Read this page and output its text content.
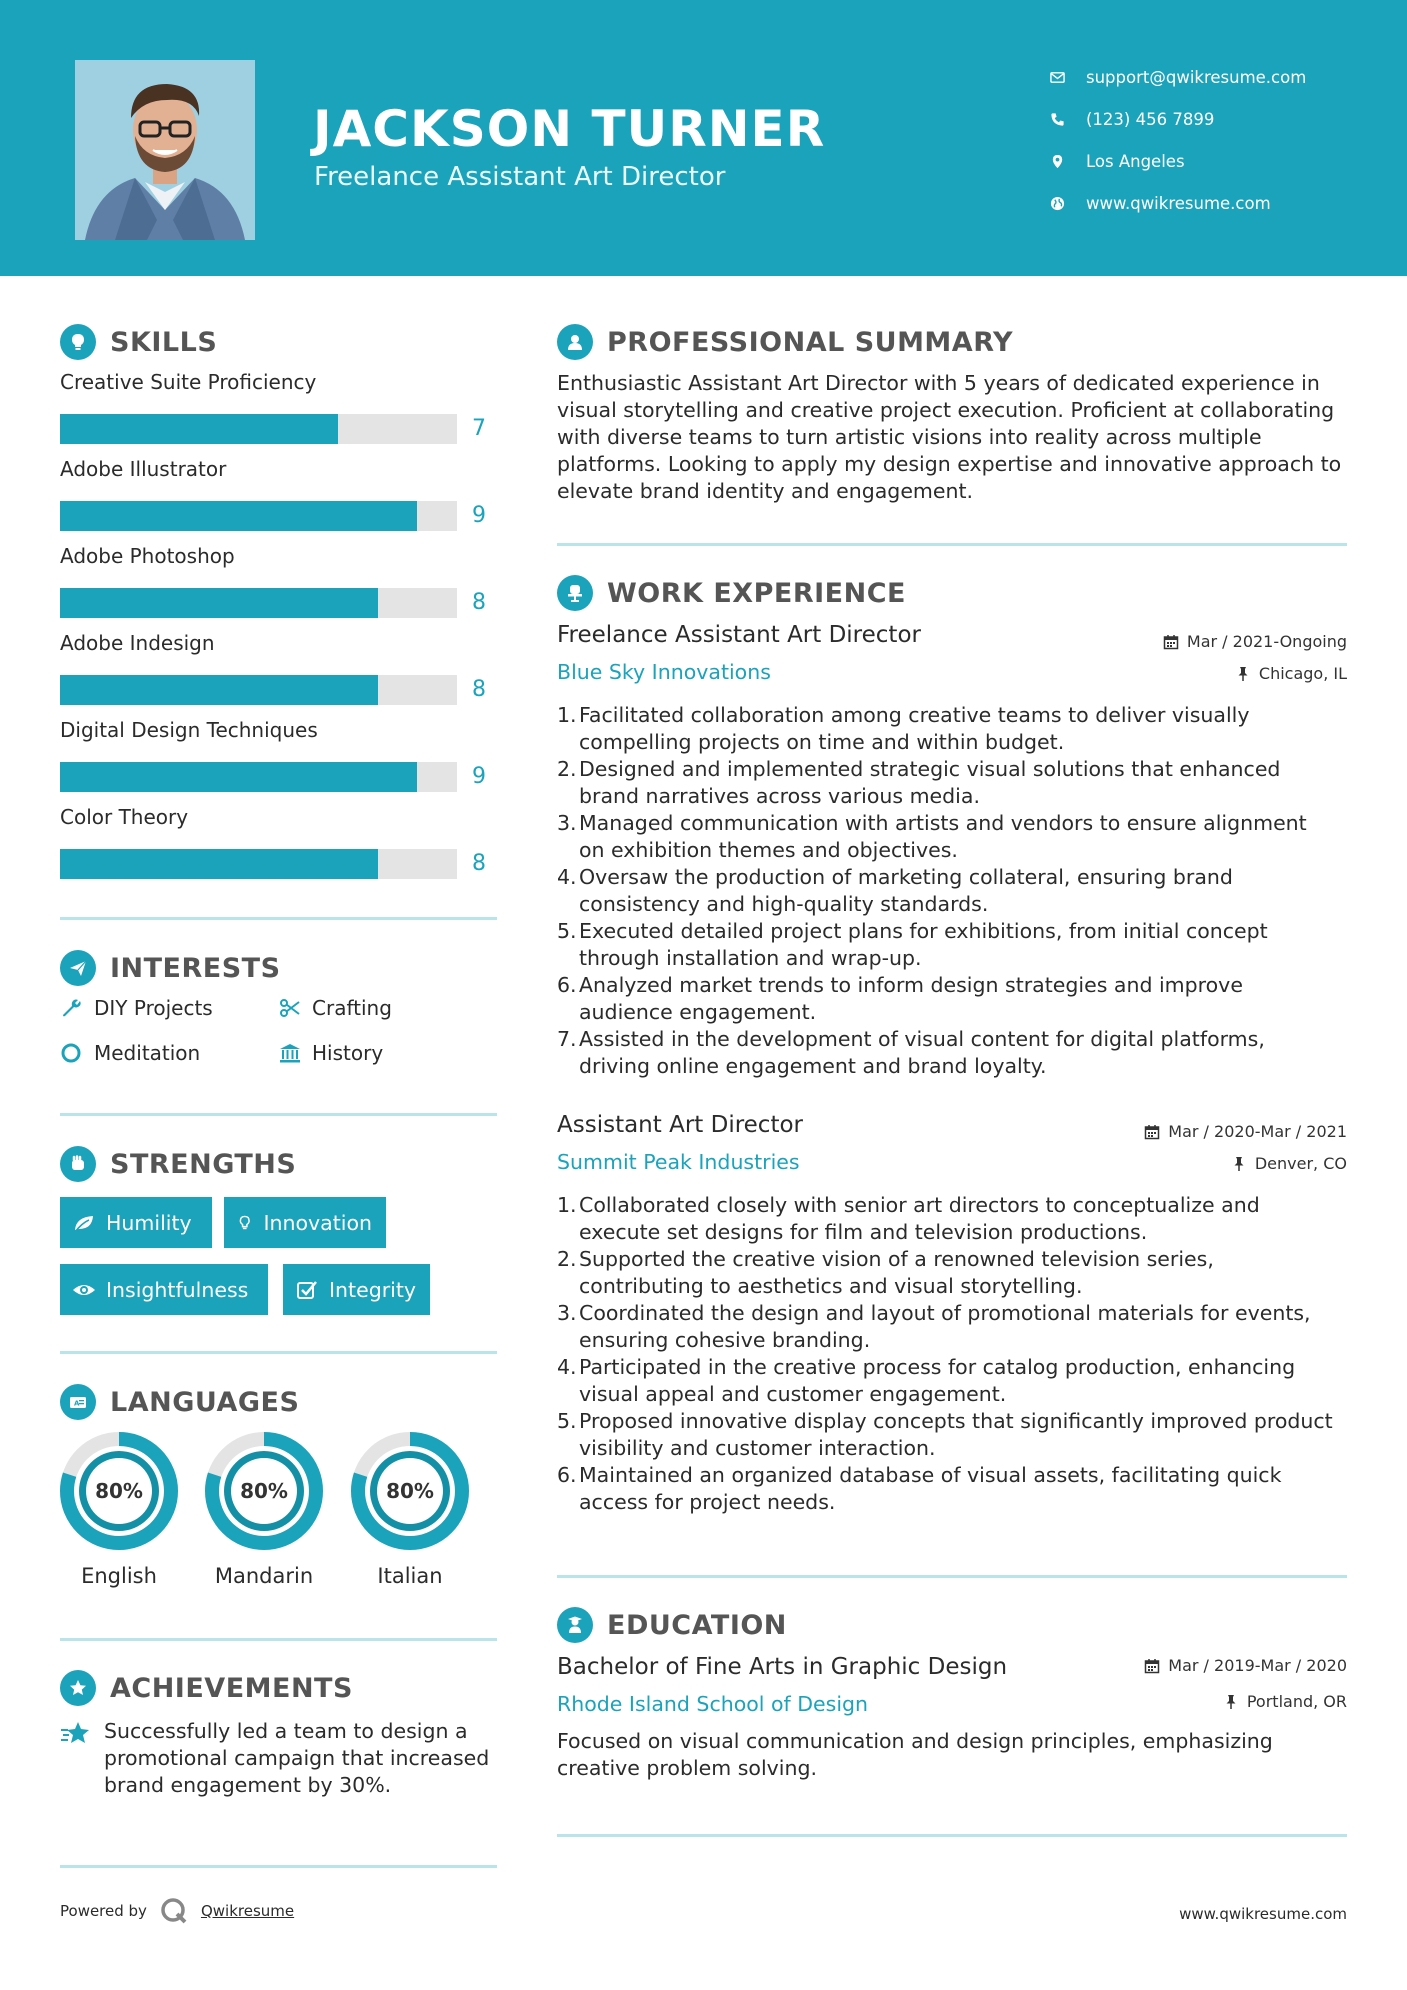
JACKSON TURNER
Freelance Assistant Art Director
support@qwikresume.com
(123) 456 7899
Los Angeles
www.qwikresume.com
SKILLS
Creative Suite Proficiency
7
Adobe Illustrator
9
Adobe Photoshop
8
Adobe Indesign
8
Digital Design Techniques
9
Color Theory
8
INTERESTS
DIY Projects	Crafting
Meditation	History
STRENGTHS
Humility	Innovation
Insightfulness	Integrity
A LANGUAGES
80%
English
80%
Mandarin
80%
Italian
ACHIEVEMENTS
Successfully led a team to design a promotional campaign that increased brand engagement by 30%.
PROFESSIONAL SUMMARY
Enthusiastic Assistant Art Director with 5 years of dedicated experience in visual storytelling and creative project execution. Proficient at collaborating with diverse teams to turn artistic visions into reality across multiple platforms. Looking to apply my design expertise and innovative approach to elevate brand identity and engagement.
WORK EXPERIENCE
Freelance Assistant Art Director	Mar / 2021-Ongoing
Blue Sky Innovations	Chicago, IL
1. Facilitated collaboration among creative teams to deliver visually
compelling projects on time and within budget.
2. Designed and implemented strategic visual solutions that enhanced
brand narratives across various media.
3. Managed communication with artists and vendors to ensure alignment
on exhibition themes and objectives.
4. Oversaw the production of marketing collateral, ensuring brand
consistency and high-quality standards.
5. Executed detailed project plans for exhibitions, from initial concept
through installation and wrap-up.
6. Analyzed market trends to inform design strategies and improve
audience engagement.
7. Assisted in the development of visual content for digital platforms,
driving online engagement and brand loyalty.
Assistant Art Director	Mar / 2020-Mar / 2021
Summit Peak Industries	Denver, CO
1. Collaborated closely with senior art directors to conceptualize and
execute set designs for film and television productions.
2. Supported the creative vision of a renowned television series,
contributing to aesthetics and visual storytelling.
3. Coordinated the design and layout of promotional materials for events,
ensuring cohesive branding.
4. Participated in the creative process for catalog production, enhancing
visual appeal and customer engagement.
5. Proposed innovative display concepts that significantly improved product
visibility and customer interaction.
6. Maintained an organized database of visual assets, facilitating quick
access for project needs.
EDUCATION
Bachelor of Fine Arts in Graphic Design	Mar / 2019-Mar / 2020
Rhode Island School of Design	Portland, OR
Focused on visual communication and design principles, emphasizing creative problem solving.
Powered by	Qwikresume	www.qwikresume.com
